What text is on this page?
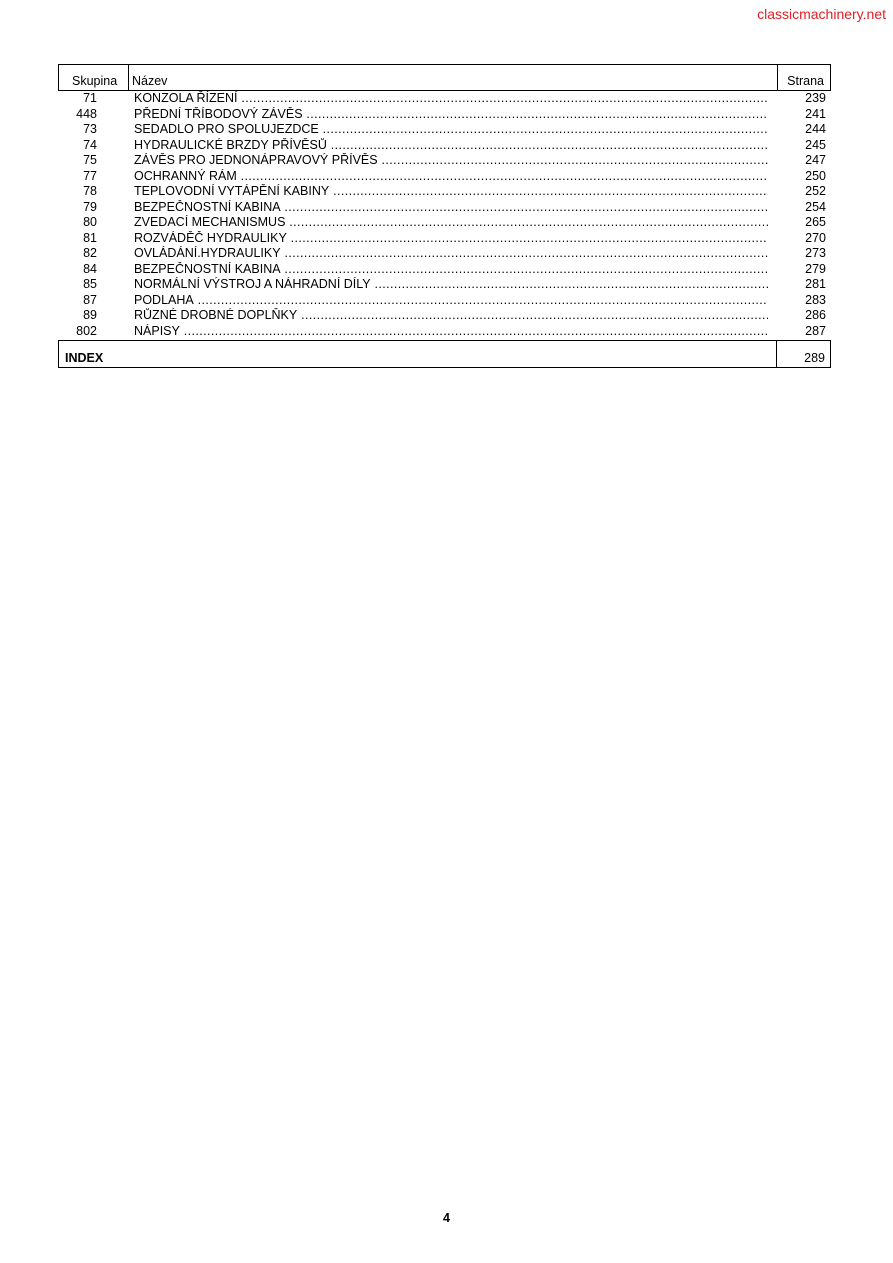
classicmachinery.net
Skupina Název	Strana
71	KONZOLA ŘÍZENÍ .....	239
448	PŘEDNÍ TŘÍBODOVÝ ZÁVĚS .....	241
73	SEDADLO PRO SPOLUJEZDCE .....	244
74	HYDRAULICKÉ BRZDY PŘÍVĚSŮ .....	245
75	ZÁVĚS PRO JEDNONÁPRAVOVÝ PŘÍVĚS .....	247
77	OCHRANNÝ RÁM .....	250
78	TEPLOVODNÍ VYTÁPĚNÍ KABINY .....	252
79	BEZPEČNOSTNÍ KABINA .....	254
80	ZVEDACÍ MECHANISMUS .....	265
81	ROZVÁDĚČ HYDRAULIKY .....	270
82	OVLÁDÁNÍ.HYDRAULIKY .....	273
84	BEZPEČNOSTNÍ KABINA .....	279
85	NORMÁLNÍ VÝSTROJ A NÁHRADNÍ DÍLY .....	281
87	PODLAHA .....	283
89	RŮZNÉ DROBNÉ DOPLŇKY .....	286
802	NÁPISY .....	287
INDEX	289
4
